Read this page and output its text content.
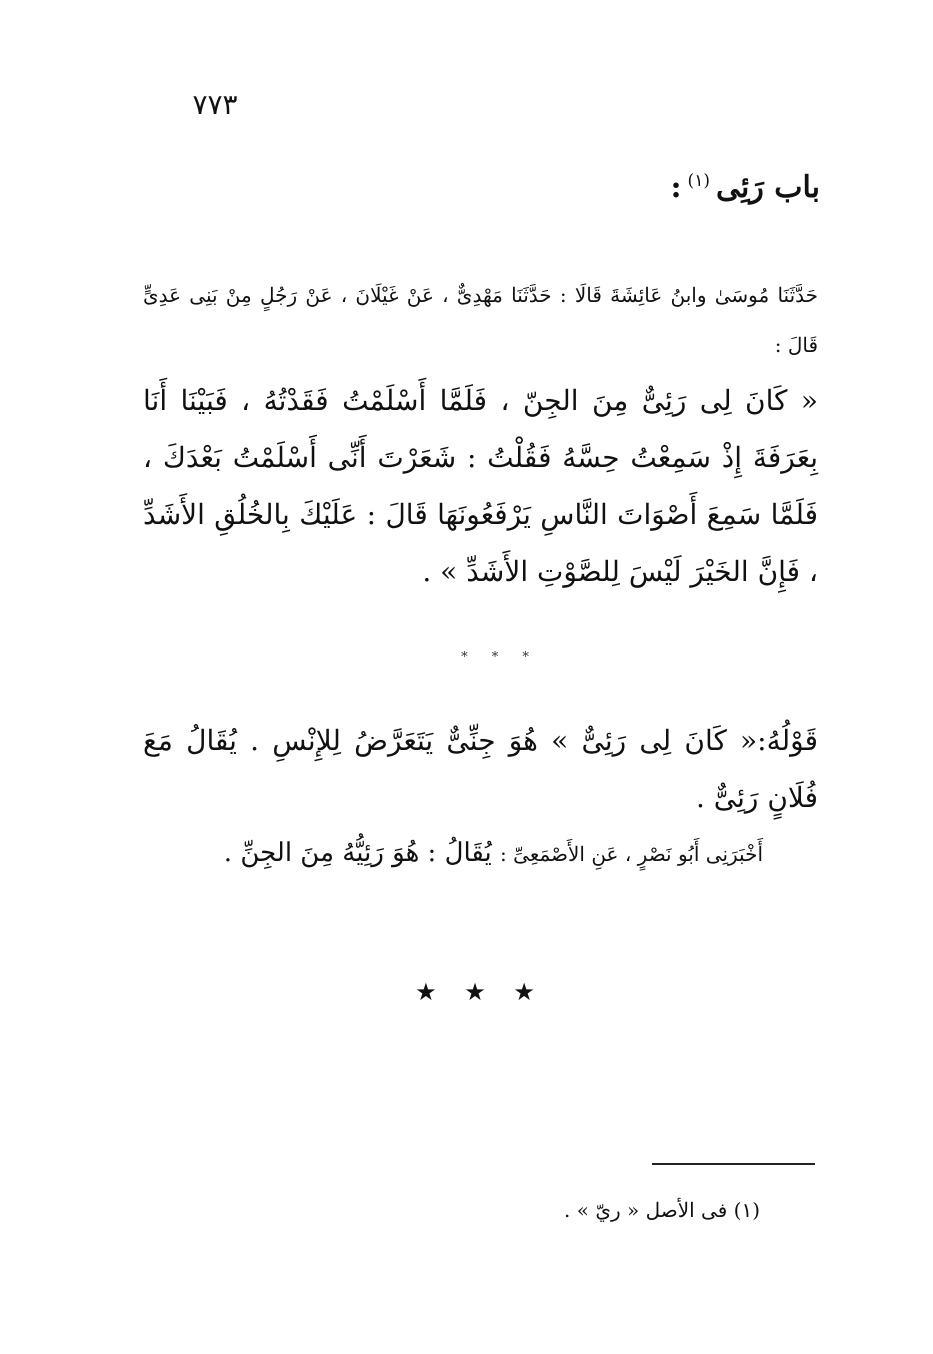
٧٧٣
باب رَئِى$^{(١)}$:
حَدَّثَنَا مُوسَىٰ وابنُ عَائِشَةَ قَالَا : حَدَّثَنَا مَهْدِىٌّ ، عَنْ غَيْلَانَ ، عَنْ رَجُلٍ مِنْ بَنِى عَدِىٍّ قَالَ :
« كَانَ لِى رَئِىٌّ مِنَ الجِنّ ، فَلَمَّا أَسْلَمْتُ فَقَدْتُهُ ، فَبَيْنَا أَنَا بِعَرَفَةَ إِذْ سَمِعْتُ حِسَّهُ فَقُلْتُ : شَعَرْتَ أَنِّى أَسْلَمْتُ بَعْدَكَ ، فَلَمَّا سَمِعَ أَصْوَاتَ النَّاسِ يَرْفَعُونَهَا قَالَ : عَلَيْكَ بِالخُلُقِ الأَشَدِّ ، فَإِنَّ الخَيْرَ لَيْسَ لِلصَّوْتِ الأَشَدِّ » .
* * *
قَوْلُهُ:« كَانَ لِى رَئِىٌّ » هُوَ جِنِّىٌّ يَتَعَرَّضُ لِلإِنْسِ . يُقَالُ مَعَ فُلَانٍ رَئِىٌّ .
أَخْبَرَنِى أَبُو نَصْرٍ ، عَنِ الأَصْمَعِىِّ : يُقَالُ : هُوَ رَئِيُّهُ مِنَ الجِنِّ .
★ ★ ★
(١) فى الأصل « ريّ » .
